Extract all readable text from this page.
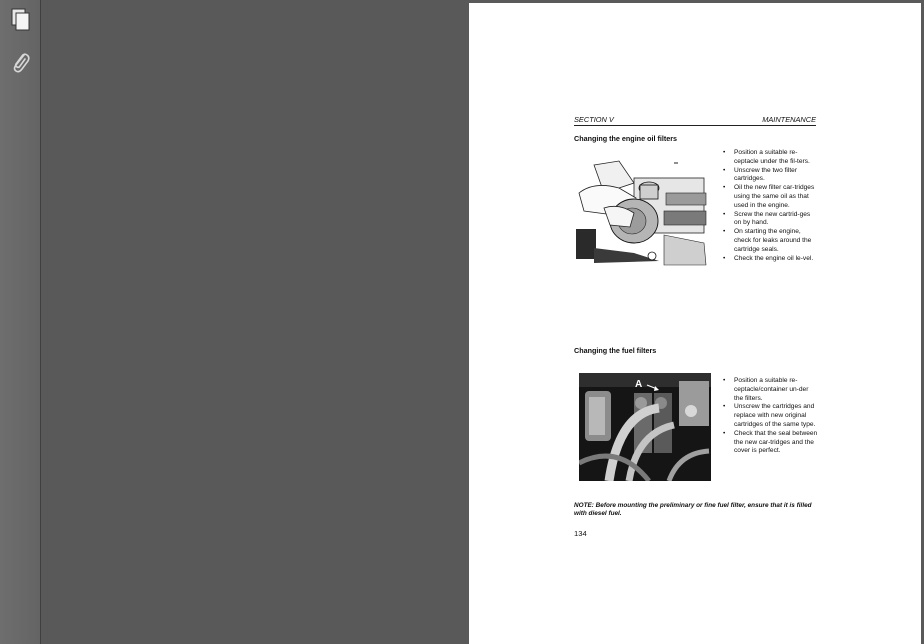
SECTION V	MAINTENANCE
Changing the engine oil filters
• Position a suitable re-ceptacle under the fil-ters.
• Unscrew the two filter cartridges.
• Oil the new filter car-tridges using the same oil as that used in the engine.
• Screw the new cartrid-ges on by hand.
• On starting the engine, check for leaks around the cartridge seals.
• Check the engine oil le-vel.
Changing the fuel filters
A
•	Position a suitable re-ceptacle/container un-der the filters.
• Unscrew the cartridges and replace with new original cartridges of the same type.
• Check that the seal between the new car-tridges and the cover is perfect.
NOTE: Before mounting the preliminary or fine fuel filter, ensure that it is filled with diesel fuel.
134
